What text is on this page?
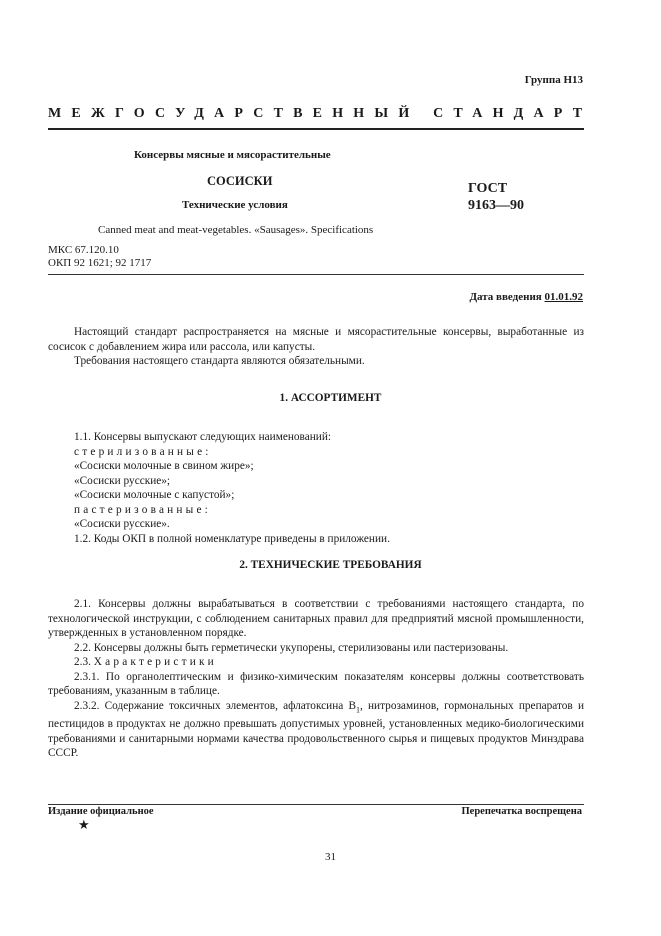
Группа Н13
МЕЖГОСУДАРСТВЕННЫЙ СТАНДАРТ
Консервы мясные и мясорастительные
СОСИСКИ
Технические условия
ГОСТ
9163—90
Canned meat and meat-vegetables. «Sausages». Specifications
МКС 67.120.10
ОКП 92 1621; 92 1717
Дата введения 01.01.92

Настоящий стандарт распространяется на мясные и мясорастительные консервы, выработанные из сосисок с добавлением жира или рассола, или капусты.

Требования настоящего стандарта являются обязательными.

1. АССОРТИМЕНТ

1.1. Консервы выпускают следующих наименований:

стерилизованные:

«Сосиски молочные в свином жире»;

«Сосиски русские»;

«Сосиски молочные с капустой»;

пастеризованные:

«Сосиски русские».

1.2. Коды ОКП в полной номенклатуре приведены в приложении.

2. ТЕХНИЧЕСКИЕ ТРЕБОВАНИЯ

2.1. Консервы должны вырабатываться в соответствии с требованиями настоящего стандарта, по технологической инструкции, с соблюдением санитарных правил для предприятий мясной промышленности, утвержденных в установленном порядке.

2.2. Консервы должны быть герметически укупорены, стерилизованы или пастеризованы.

2.3. Характеристики

2.3.1. По органолептическим и физико-химическим показателям консервы должны соответствовать требованиям, указанным в таблице.

2.3.2. Содержание токсичных элементов, афлатоксина $В_1$, нитрозаминов, гормональных препаратов и пестицидов в продуктах не должно превышать допустимых уровней, установленных медико-биологическими требованиями и санитарными нормами качества продовольственного сырья и пищевых продуктов Минздрава СССР.

Издание официальное	Перепечатка воспрещена
★
31
